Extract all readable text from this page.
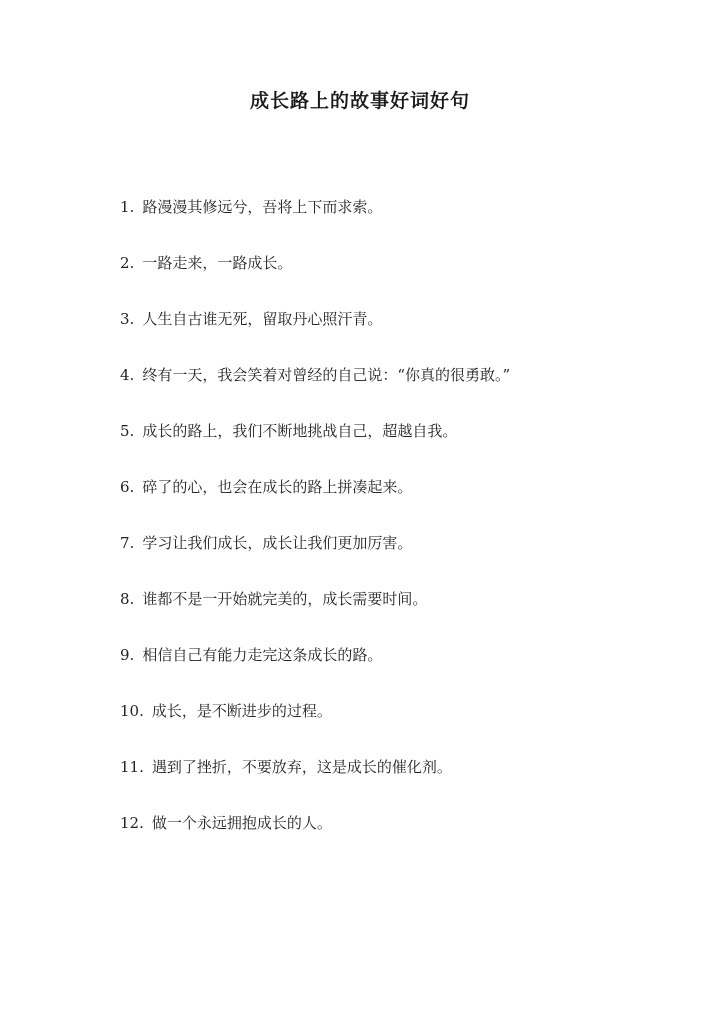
成长路上的故事好词好句
1. 路漫漫其修远兮，吾将上下而求索。
2. 一路走来，一路成长。
3. 人生自古谁无死，留取丹心照汗青。
4. 终有一天，我会笑着对曾经的自己说：“你真的很勇敢。”
5. 成长的路上，我们不断地挑战自己，超越自我。
6. 碎了的心，也会在成长的路上拼凑起来。
7. 学习让我们成长，成长让我们更加厉害。
8. 谁都不是一开始就完美的，成长需要时间。
9. 相信自己有能力走完这条成长的路。
10. 成长，是不断进步的过程。
11. 遇到了挫折，不要放弃，这是成长的催化剂。
12. 做一个永远拥抱成长的人。
